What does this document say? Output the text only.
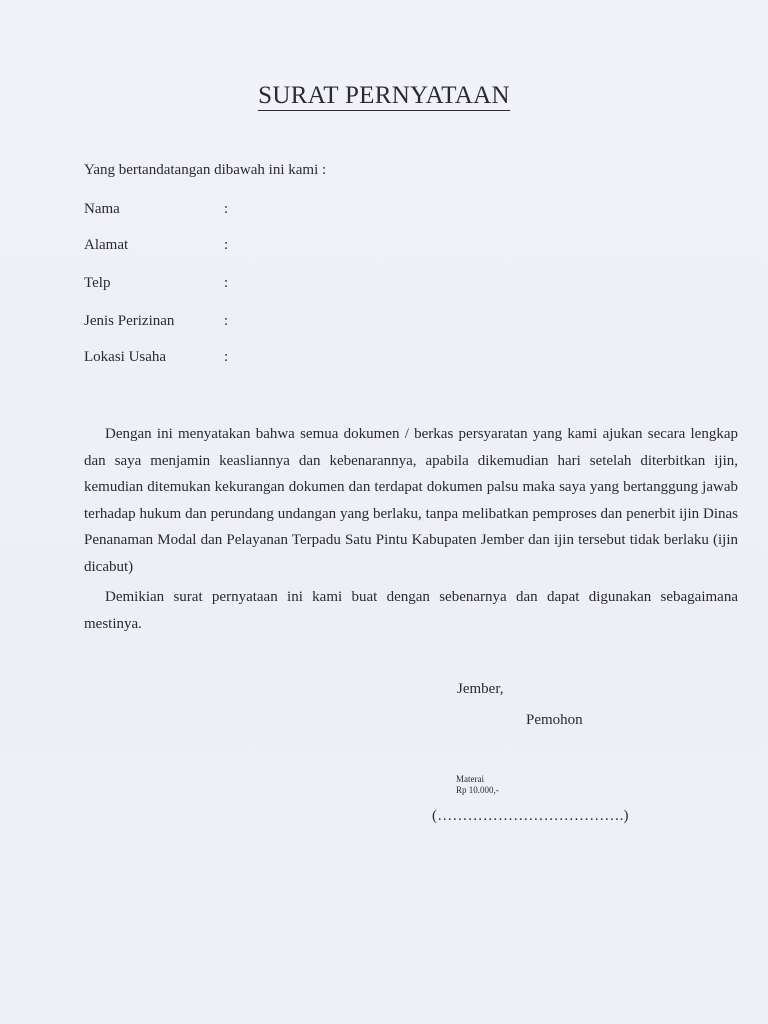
SURAT PERNYATAAN
Yang bertandatangan dibawah ini kami :
Nama	:
Alamat	:
Telp	:
Jenis Perizinan	:
Lokasi Usaha	:

Dengan ini menyatakan bahwa semua dokumen / berkas persyaratan yang kami ajukan secara lengkap dan saya menjamin keasliannya dan kebenarannya, apabila dikemudian hari setelah diterbitkan ijin, kemudian ditemukan kekurangan dokumen dan terdapat dokumen palsu maka saya yang bertanggung jawab terhadap hukum dan perundang undangan yang berlaku, tanpa melibatkan pemproses dan penerbit ijin Dinas Penanaman Modal dan Pelayanan Terpadu Satu Pintu Kabupaten Jember dan ijin tersebut tidak berlaku (ijin dicabut)

Demikian surat pernyataan ini kami buat dengan sebenarnya dan dapat digunakan sebagaimana mestinya.

Jember,
Pemohon
Materai
Rp 10.000,-
(……………………………….)
